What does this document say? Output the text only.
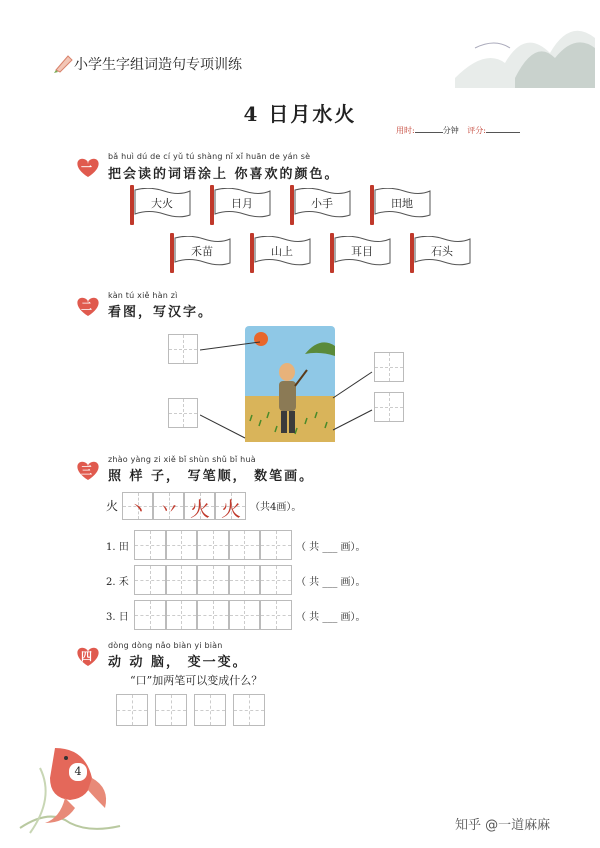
小学生字组词造句专项训练
4 日月水火
用时:	分钟 评分:
bǎ huì dú de cí yǔ tú shàng nǐ xǐ huān de yán sè
一 把会读的词语涂上 你喜欢的颜色。
大火	日月	小手	田地
禾苗	山上	耳目	石头
kàn tú xiě hàn zì
二 看图，写汉字。
zhào yàng zi xiě bǐ shùn shǔ bǐ huà
三 照 样 子， 写笔顺， 数笔画。
火 丶 丷 火 火 （共4画）。
1. 田	（ 共 ___ 画）。
2. 禾	（ 共 ___ 画）。
3. 日	（ 共 ___ 画）。
dòng dòng nǎo biàn yi biàn
四 动 动 脑， 变一变。
“口”加两笔可以变成什么？
4
知乎 @一道麻麻
